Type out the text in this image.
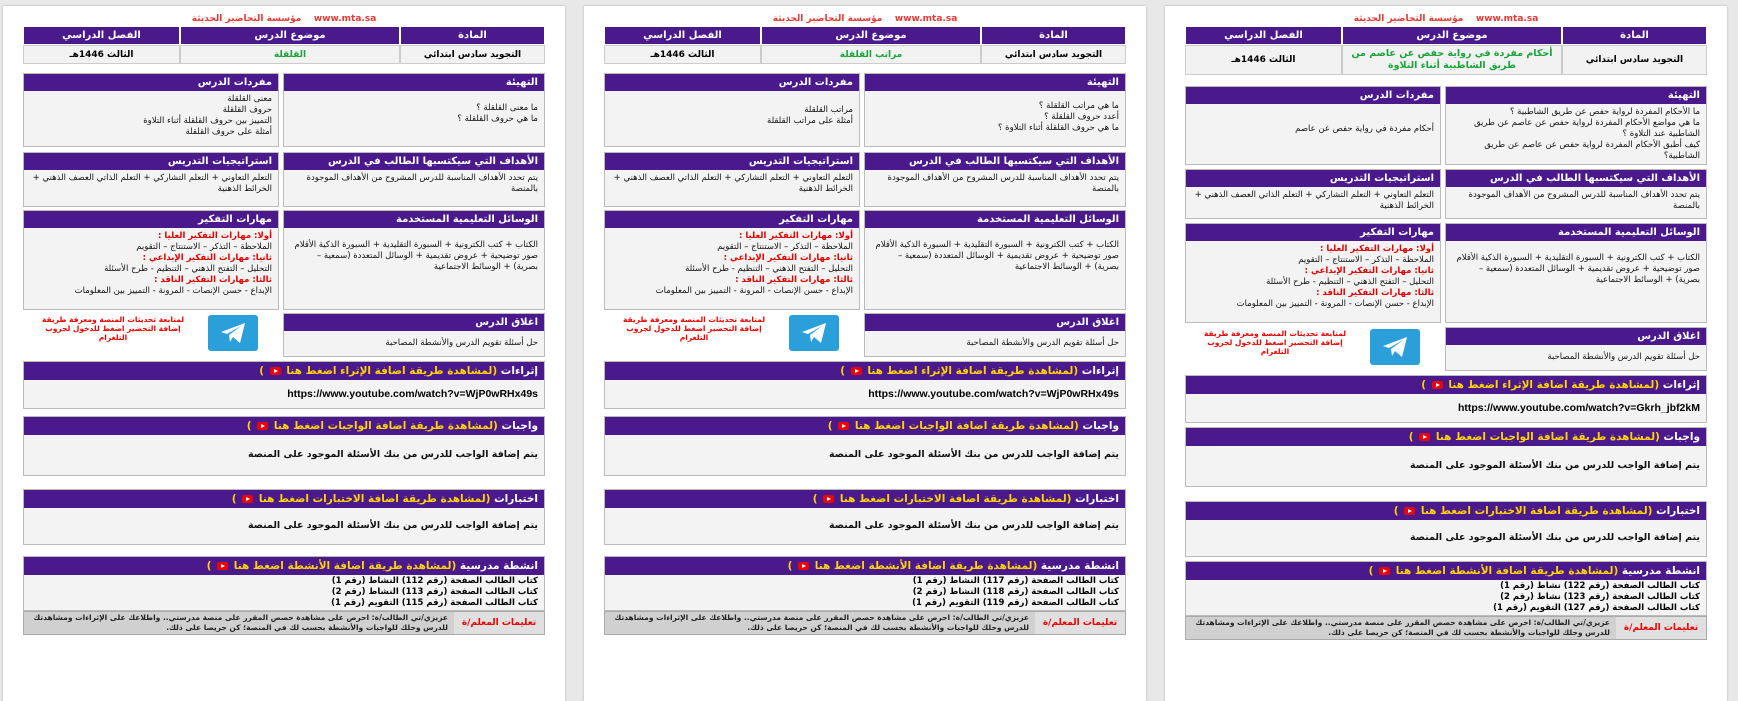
www.mta.sa    مؤسسة التحاضير الحديثة
المادة
موضوع الدرس
الفصل الدراسي
التجويد سادس ابتدائي
أحكام مفردة في رواية حفص عن عاصم من طريق الشاطبية أثناء التلاوة
الثالث 1446هـ
التهيئة
ما الأحكام المفردة لرواية حفص عن طريق الشاطبية ؟
ما هي مواضع الأحكام المفردة لرواية حفص عن عاصم عن طريق الشاطبية عند التلاوة ؟
كيف أطبق الأحكام المفردة لرواية حفص عن عاصم عن طريق الشاطبية؟
مفردات الدرس
أحكام مفردة في رواية حفص عن عاصم
الأهداف التي سيكتسبها الطالب في الدرس
يتم تحدد الأهداف المناسبة للدرس المشروح من الأهداف الموجودة بالمنصة
استراتيجيات التدريس
التعلم التعاوني + التعلم التشاركي + التعلم الذاتي العصف الذهني + الخرائط الذهنية
الوسائل التعليمية المستخدمة
الكتاب + كتب الكترونية + السبورة التقليدية + السبورة الذكية الأقلام صور توضيحية + عروض تقديمية + الوسائل المتعددة (سمعية – بصرية) + الوسائط الاجتماعية
مهارات التفكير
أولا: مهارات التفكير العليا :
الملاحظة – التذكر – الاستنتاج – التقويم
ثانيا: مهارات التفكير الإبداعي :
التحليل – التفتح الذهني – التنظيم - طرح الأسئلة
ثالثا: مهارات التفكير الناقد :
الإبداع - حسن الإنصات - المرونة - التمييز بين المعلومات
اغلاق الدرس
حل أسئلة تقويم الدرس والأنشطة المصاحبة
لمتابعة تحديثات المنصة ومعرفة طريقة إضافة التحضير اضغط للدخول لجروب التلغرام
إثراءات (لمشاهدة طريقة اضافة الإثراء اضغط هنا  )
https://www.youtube.com/watch?v=Gkrh_jbf2kM
واجبات (لمشاهدة طريقة اضافة الواجبات اضغط هنا  )
يتم إضافة الواجب للدرس من بنك الأسئلة الموجود على المنصة
اختبارات (لمشاهدة طريقة اضافة الاختبارات اضغط هنا  )
يتم إضافة الواجب للدرس من بنك الأسئلة الموجود على المنصة
انشطة مدرسية (لمشاهدة طريقة اضافة الأنشطة اضغط هنا  )
كتاب الطالب الصفحة (رقم 122) نشاط (رقم 1)
كتاب الطالب الصفحة (رقم 123) نشاط (رقم 2)
كتاب الطالب الصفحة (رقم 127) التقويم (رقم 1)
تعليمات المعلم/ة
عزيزي/تي الطالب/ة: احرص على مشاهدة حصص المقرر على منصة مدرستي.. واطلاعك على الإثراءات ومشاهدتك للدرس وحلك للواجبات والأنشطة بحسب لك في المنصة؛ كن حريصا على ذلك.
www.mta.sa    مؤسسة التحاضير الحديثة
المادة
موضوع الدرس
الفصل الدراسي
التجويد سادس ابتدائي
مراتب القلقلة
الثالث 1446هـ
التهيئة
ما هي مراتب القلقلة ؟
أعدد حروف القلقلة ؟
ما هي حروف القلقلة أثناء التلاوة ؟
مفردات الدرس
مراتب القلقلة
أمثلة على مراتب القلقلة
الأهداف التي سيكتسبها الطالب في الدرس
يتم تحدد الأهداف المناسبة للدرس المشروح من الأهداف الموجودة بالمنصة
استراتيجيات التدريس
التعلم التعاوني + التعلم التشاركي + التعلم الذاتي العصف الذهني + الخرائط الذهنية
الوسائل التعليمية المستخدمة
الكتاب + كتب الكترونية + السبورة التقليدية + السبورة الذكية الأقلام صور توضيحية + عروض تقديمية + الوسائل المتعددة (سمعية – بصرية) + الوسائط الاجتماعية
مهارات التفكير
أولا: مهارات التفكير العليا :
الملاحظة – التذكر – الاستنتاج – التقويم
ثانيا: مهارات التفكير الإبداعي :
التحليل – التفتح الذهني – التنظيم - طرح الأسئلة
ثالثا: مهارات التفكير الناقد :
الإبداع - حسن الإنصات - المرونة - التمييز بين المعلومات
اغلاق الدرس
حل أسئلة تقويم الدرس والأنشطة المصاحبة
لمتابعة تحديثات المنصة ومعرفة طريقة إضافة التحضير اضغط للدخول لجروب التلغرام
إثراءات (لمشاهدة طريقة اضافة الإثراء اضغط هنا  )
https://www.youtube.com/watch?v=WjP0wRHx49s
واجبات (لمشاهدة طريقة اضافة الواجبات اضغط هنا  )
يتم إضافة الواجب للدرس من بنك الأسئلة الموجود على المنصة
اختبارات (لمشاهدة طريقة اضافة الاختبارات اضغط هنا  )
يتم إضافة الواجب للدرس من بنك الأسئلة الموجود على المنصة
انشطة مدرسية (لمشاهدة طريقة اضافة الأنشطة اضغط هنا  )
كتاب الطالب الصفحة (رقم 117) النشاط (رقم 1)
كتاب الطالب الصفحة (رقم 118) النشاط (رقم 2)
كتاب الطالب الصفحة (رقم 119) التقويم (رقم 1)
تعليمات المعلم/ة
عزيزي/تي الطالب/ة: احرص على مشاهدة حصص المقرر على منصة مدرستي.. واطلاعك على الإثراءات ومشاهدتك للدرس وحلك للواجبات والأنشطة بحسب لك في المنصة؛ كن حريصا على ذلك.
www.mta.sa    مؤسسة التحاضير الحديثة
المادة
موضوع الدرس
الفصل الدراسي
التجويد سادس ابتدائي
القلقلة
الثالث 1446هـ
التهيئة
ما معنى القلقلة ؟
ما هي حروف القلقلة ؟
مفردات الدرس
معنى القلقلة
حروف القلقلة
التمييز بين حروف القلقلة أثناء التلاوة
أمثلة على حروف القلقلة
الأهداف التي سيكتسبها الطالب في الدرس
يتم تحدد الأهداف المناسبة للدرس المشروح من الأهداف الموجودة بالمنصة
استراتيجيات التدريس
التعلم التعاوني + التعلم التشاركي + التعلم الذاتي العصف الذهني + الخرائط الذهنية
الوسائل التعليمية المستخدمة
الكتاب + كتب الكترونية + السبورة التقليدية + السبورة الذكية الأقلام صور توضيحية + عروض تقديمية + الوسائل المتعددة (سمعية – بصرية) + الوسائط الاجتماعية
مهارات التفكير
أولا: مهارات التفكير العليا :
الملاحظة – التذكر – الاستنتاج – التقويم
ثانيا: مهارات التفكير الإبداعي :
التحليل – التفتح الذهني – التنظيم - طرح الأسئلة
ثالثا: مهارات التفكير الناقد :
الإبداع - حسن الإنصات - المرونة - التمييز بين المعلومات
اغلاق الدرس
حل أسئلة تقويم الدرس والأنشطة المصاحبة
لمتابعة تحديثات المنصة ومعرفة طريقة إضافة التحضير اضغط للدخول لجروب التلغرام
إثراءات (لمشاهدة طريقة اضافة الإثراء اضغط هنا  )
https://www.youtube.com/watch?v=WjP0wRHx49s
واجبات (لمشاهدة طريقة اضافة الواجبات اضغط هنا  )
يتم إضافة الواجب للدرس من بنك الأسئلة الموجود على المنصة
اختبارات (لمشاهدة طريقة اضافة الاختبارات اضغط هنا  )
يتم إضافة الواجب للدرس من بنك الأسئلة الموجود على المنصة
انشطة مدرسية (لمشاهدة طريقة اضافة الأنشطة اضغط هنا  )
كتاب الطالب الصفحة (رقم 112) النشاط (رقم 1)
كتاب الطالب الصفحة (رقم 113) النشاط (رقم 2)
كتاب الطالب الصفحة (رقم 115) التقويم (رقم 1)
تعليمات المعلم/ة
عزيزي/تي الطالب/ة: احرص على مشاهدة حصص المقرر على منصة مدرستي.. واطلاعك على الإثراءات ومشاهدتك للدرس وحلك للواجبات والأنشطة بحسب لك في المنصة؛ كن حريصا على ذلك.
